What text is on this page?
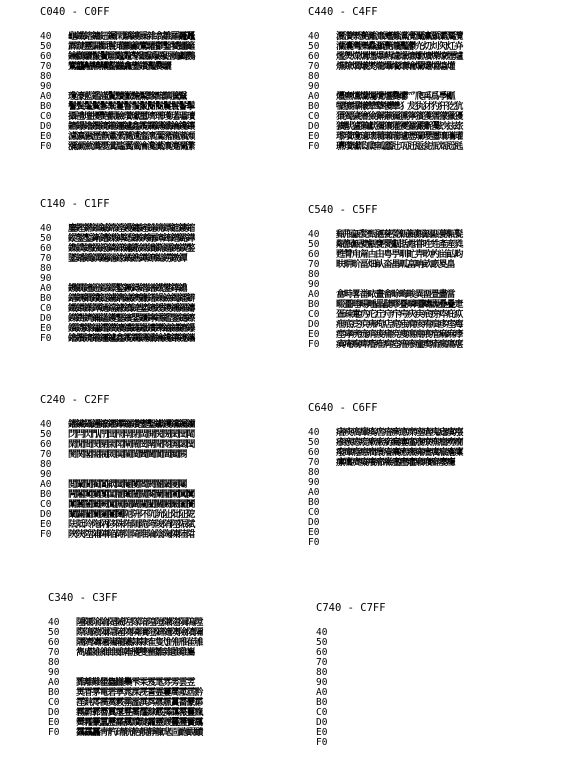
C040 - C0FF
40 龜鐵鎔鏞鈕钃閑驕鏤躁雜翕雛羅龗鼉
50 霹靆靈闢顴鬟瓘鸝籲鸞驩鬱鑿饕鱷籬
60 鑰鸛驪鬣鬢騮鼈鼇鼕鼴鼷鼹鼯鶻鸕鸚
70 鸞龘齇齈齉齾龖龕鑾鑽灩爨驪
80
90
A0 瓊濠藍鑑謹鬒黷黴黵黶黲黯黰黱黳
B0 鬐鬓鬔鬕鬖鬗鬘鬙鬚鬛鬜鬝鬞鬟鬠鬡
C0 攝禮壇擾艷觀驗瓚瓛璽璾瓀瓁瓂瓃瓄
D0 鑣鑤鑥鑦鑧鑨鑩鑪鑫鑬鑭鑮鑯鑰鑱鑲
E0 濾瀛瀜瀝瀞瀟瀠瀡瀢瀣瀤瀥瀦瀧瀨瀩
F0 瀰瀱瀲瀳瀴瀵瀶瀷瀸瀹瀺瀻瀼瀽瀾瀿
C440 - C4FF
40 灑灒灓灔灕灖灗灘灙灚灛灜灝灞灟灠
50 灡灢灣灤灥灦灧灨灩灪灮灱灲灳灴灷
60 爁爂爃爄爅爆爇爈爉爊爋爌爍爎爏爐
70 爑爒爓爔爕爖爗爘爙爚爛爜爝爞爟
80
90
A0 爡爢爣爤爥爦爧爨爩爫爮爯爲爳爴
B0 犤犥犦犧犨犩犪犫犭犮犱犲犳犴犵犺
C0 獧獨獩獪獫獬獭獮獯獰獱獲獳獴獵獶
D0 獷獸獹獺獻獼獽獾獿玀玁玂玃玅玆玈
E0 瓈瓉瓊瓋瓌瓍瓎瓏瓐瓑瓓瓔瓕瓖瓗瓘
F0 瓙瓚瓛瓝瓟瓡瓥瓧瓨瓩瓪瓫瓬瓭瓰瓱
C140 - C1FF
40 鏖鏗鏘鏙鏚鏛鏜鏝鏞鏟鏠鏡鏢鏣鏤鏥
50 鏦鏧鏨鏩鏪鏫鏬鏭鏮鏯鏰鏱鏲鏳鏴鏵
60 鏶鏷鏸鏹鏺鏻鏼鏽鏾鏿鐀鐁鐂鐃鐄鐅
70 鐆鐇鐈鐉鐊鐋鐌鐍鐎鐏鐐鐑鐒鐓鐔
80
90
A0 鐖鐗鐘鐙鐚鐛鐜鐝鐞鐟鐠鐡鐢鐣鐤
B0 鐥鐦鐧鐨鐩鐪鐫鐬鐭鐮鐯鐰鐱鐲鐳鐴
C0 鐵鐶鐷鐸鐹鐺鐻鐼鐽鐾鐿鑀鑁鑂鑃鑄
D0 鑅鑆鑇鑈鑉鑊鑋鑌鑍鑎鑏鑐鑑鑒鑓鑔
E0 鑕鑖鑗鑘鑙鑚鑛鑜鑝鑞鑟鑠鑡鑢鑣鑤
F0 鑥鑦鑧鑨鑩鑪鑫鑬鑭鑮鑯鑰鑱鑲鑳鑴
C540 - C5FF
40 甀甁甂甃甄甅甆甇甈甉甊甋甌甍甎甏
50 甐甑甒甓甔甕甖甗甛甝甞甠甡產産甤
60 甦甧甪甮甴甶甹甼甽甿畁畂畃畄畆畇
70 畉畊畍畐畑畒畓畕畖畗畘畝畞畟畠
80
90
A0 畣畤畧畨畩畫畬畭畮畯異畱畳畵當
B0 畷畺畻畼畽畾疀疁疂疄疅疇疈疉疊疌
C0 疍疎疐疓疕疘疛疜疞疢疦疧疨疩疪疭
D0 疶疷疺疻疿痀痁痆痋痌痎痏痐痑痓痗
E0 痙痚痜痝痟痠痡痥痩痬痭痮痯痲痳痵
F0 痶痷痸痺痻痽痾瘂瘄瘆瘇瘈瘉瘋瘍瘎
C240 - C2FF
40 鑵鑶鑷鑸鑹鑺鑻鑼鑽鑾鑿钀钁钂钃钄
50 閁閂閃閄閅閆閇閈閉閊開閌閍閎閏閐
60 閑閒間閔閕閖閗閘閙閚閛閜閝閞閟閠
70 閡関閣閤閥閦閧閨閩閪閫閬閭閮閯
80
90
A0 閲閳閴閵閶閷閸閹閺閻閼閽閾閿闀
B0 闁闂闃闄闅闆闇闈闉闊闋闌闍闎闏闐
C0 闑闒闓闔闕闖闗闘闙闚闛關闝闞闟闠
D0 闡闢闣闤闥闦闧阨阩阫阬阭阯阰阷阸
E0 阹阺阾陁陃陊陎陏陑陒陓陖陗陘陙陚
F0 陜陝陞陠陣陥陦陫陭陮陯陰陱陳陸陹
C640 - C6FF
40 瘏瘐瘑瘒瘓瘔瘖瘚瘜瘝瘞瘡瘣瘧瘨瘬
50 瘮瘯瘱瘲瘶瘷瘹瘺瘻瘽癁療癄癅癆癇
60 癈癉癊癋癎癏癐癑癒癓癕癗癘癙癚癛
70 癝癟癠癡癢癤癥癦癧癨癩癪癬癭癮
80
90
A0
B0
C0
D0
E0
F0
C340 - C3FF
40 隀隁隂隃隄隇隉隊隌隍隑隒隓隕隖隚
50 際隝隞隟隠隡隢隣隤隥隦隨隩險隫隬
60 隭隮隯隱隲隴隵隷隸隺隻隿雂雃雈雊
70 雋雐雑雓雔雖雗雘雙雚雛雜雝雞雟
80
90
A0 雡離難雤雥雦雧雫雬雭雮雰雱雲雴
B0 雵雸雺電雼雽雿霂霃霅霊霋霌霐霑霒
C0 霔霕霗霘霙霚霛霝霟霠霡霢霣霤霥霦
D0 霧霨霩霫霬霮霯霱霳霴霵霶霷霺霻霼
E0 霽霿靀靁靂靃靄靅靆靇靈靉靊靋靌靍
F0 靎靏靐靑靔靕靗靘靚靜靝靟靣靤靦靧
C740 - C7FF
40
50
60
70
80
90
A0
B0
C0
D0
E0
F0
